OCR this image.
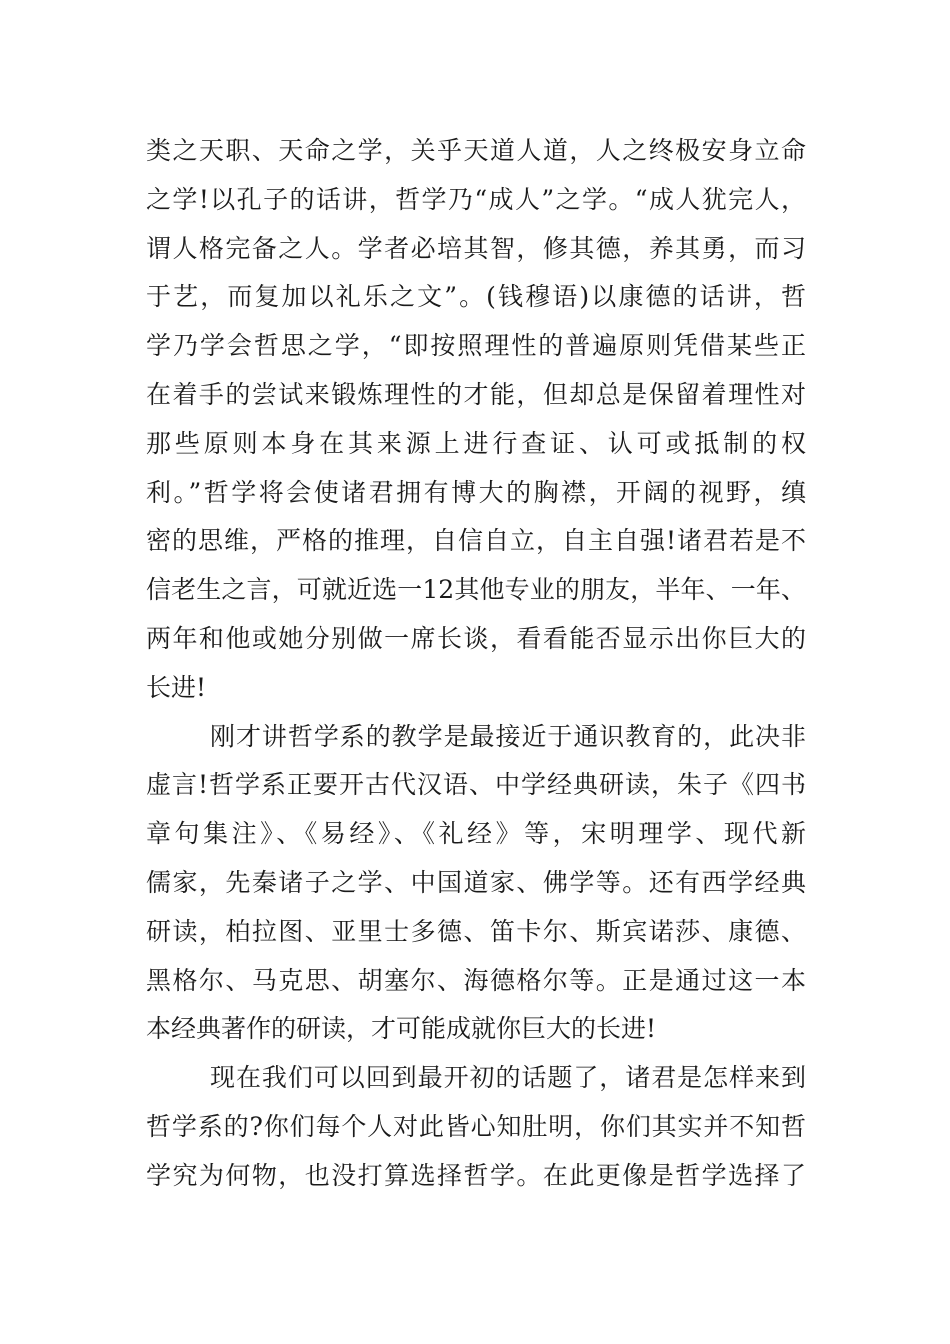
类之天职、天命之学，关乎天道人道，人之终极安身立命
之学!以孔子的话讲，哲学乃“成人”之学。“成人犹完人，
谓人格完备之人。学者必培其智，修其德，养其勇，而习
于艺，而复加以礼乐之文”。(钱穆语)以康德的话讲，哲
学乃学会哲思之学，“即按照理性的普遍原则凭借某些正
在着手的尝试来锻炼理性的才能，但却总是保留着理性对
那些原则本身在其来源上进行查证、认可或抵制的权
利。”哲学将会使诸君拥有博大的胸襟，开阔的视野，缜
密的思维，严格的推理，自信自立，自主自强!诸君若是不
信老生之言，可就近选一12其他专业的朋友，半年、一年、
两年和他或她分别做一席长谈，看看能否显示出你巨大的
长进!
刚才讲哲学系的教学是最接近于通识教育的，此决非
虚言!哲学系正要开古代汉语、中学经典研读，朱子《四书
章句集注》、《易经》、《礼经》等，宋明理学、现代新
儒家，先秦诸子之学、中国道家、佛学等。还有西学经典
研读，柏拉图、亚里士多德、笛卡尔、斯宾诺莎、康德、
黑格尔、马克思、胡塞尔、海德格尔等。正是通过这一本
本经典著作的研读，才可能成就你巨大的长进!
现在我们可以回到最开初的话题了，诸君是怎样来到
哲学系的?你们每个人对此皆心知肚明，你们其实并不知哲
学究为何物，也没打算选择哲学。在此更像是哲学选择了
